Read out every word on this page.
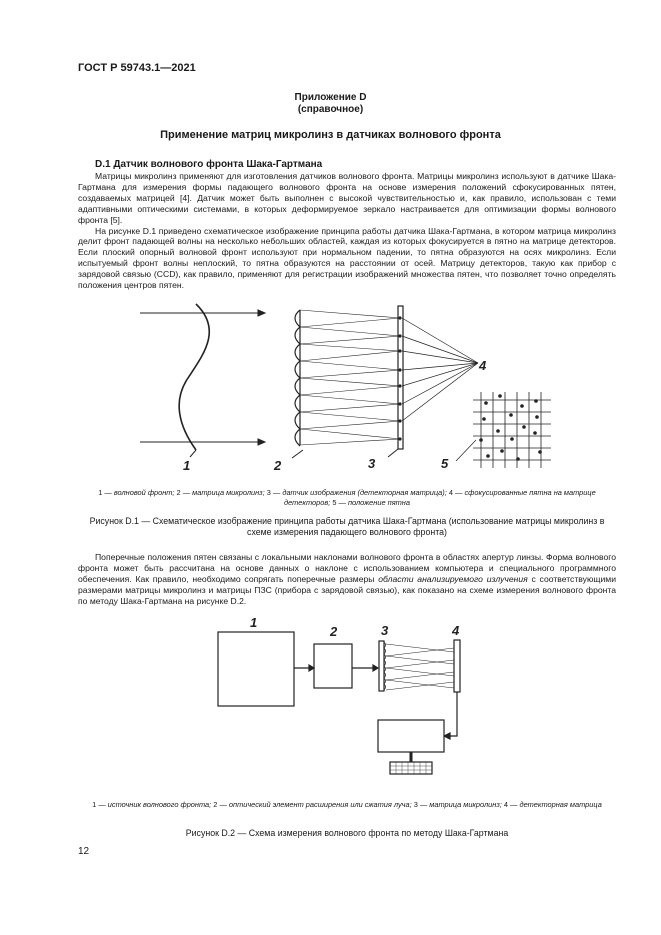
ГОСТ Р 59743.1—2021
Приложение D
(справочное)
Применение матриц микролинз в датчиках волнового фронта
D.1 Датчик волнового фронта Шака-Гартмана

Матрицы микролинз применяют для изготовления датчиков волнового фронта. Матрицы микролинз используют в датчике Шака-Гартмана для измерения формы падающего волнового фронта на основе измерения положений сфокусированных пятен, создаваемых матрицей [4]. Датчик может быть выполнен с высокой чувствительностью и, как правило, использован с теми адаптивными оптическими системами, в которых деформируемое зеркало настраивается для оптимизации формы волнового фронта [5].

На рисунке D.1 приведено схематическое изображение принципа работы датчика Шака-Гартмана, в котором матрица микролинз делит фронт падающей волны на несколько небольших областей, каждая из которых фокусируется в пятно на матрице детекторов. Если плоский опорный волновой фронт используют при нормальном падении, то пятна образуются на осях микролинз. Если испытуемый фронт волны неплоский, то пятна образуются на расстоянии от осей. Матрицу детекторов, такую как прибор с зарядовой связью (CCD), как правило, применяют для регистрации изображений множества пятен, что позволяет точно определять положения центров пятен.

1	2	3
4
5
1 — волновой фронт; 2 — матрица микролинз; 3 — датчик изображения (детекторная матрица); 4 — сфокусированные пятна на матрице детекторов; 5 — положение пятна
Рисунок D.1 — Схематическое изображение принципа работы датчика Шака-Гартмана (использование матрицы микролинз в схеме измерения падающего волнового фронта)

Поперечные положения пятен связаны с локальными наклонами волнового фронта в областях апертур линзы. Форма волнового фронта может быть рассчитана на основе данных о наклоне с использованием компьютера и специального программного обеспечения. Как правило, необходимо сопрягать поперечные размеры области анализируемого излучения с соответствующими размерами матрицы микролинз и матрицы ПЗС (прибора с зарядовой связью), как показано на схеме измерения волнового фронта по методу Шака-Гартмана на рисунке D.2.

1
2	3	4
1 — источник волнового фронта; 2 — оптический элемент расширения или сжатия луча; 3 — матрица микролинз; 4 — детекторная матрица
Рисунок D.2 — Схема измерения волнового фронта по методу Шака-Гартмана
12
